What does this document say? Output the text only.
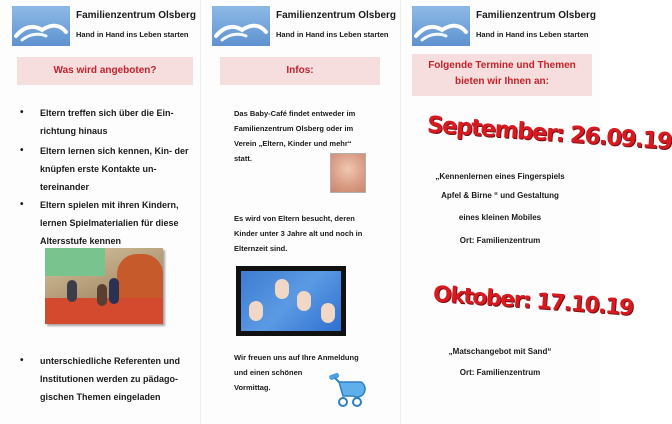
Familienzentrum Olsberg
Hand in Hand ins Leben starten
Was wird angeboten?
• Eltern treffen sich über die Ein- richtung hinaus
• Eltern lernen sich kennen, Kin- der knüpfen erste Kontakte un- tereinander
• Eltern spielen mit ihren Kindern, lernen Spielmaterialien für diese Altersstufe kennen
• unterschiedliche Referenten und Institutionen werden zu pädago- gischen Themen eingeladen
Familienzentrum Olsberg
Hand in Hand ins Leben starten
Infos:
Das Baby-Café findet entweder im
Familienzentrum Olsberg oder im
Verein „Eltern, Kinder und mehr“
statt.
Es wird von Eltern besucht, deren
Kinder unter 3 Jahre alt und noch in
Elternzeit sind.
Wir freuen uns auf Ihre Anmeldung
und einen schönen
Vormittag.
Familienzentrum Olsberg
Hand in Hand ins Leben starten
Folgende Termine und Themen
bieten wir Ihnen an:
„Kennenlernen eines Fingerspiels
Apfel & Birne “ und Gestaltung
eines kleinen Mobiles
Ort: Familienzentrum
„Matschangebot mit Sand“
Ort: Familienzentrum
September: 26.09.19
Oktober: 17.10.19
